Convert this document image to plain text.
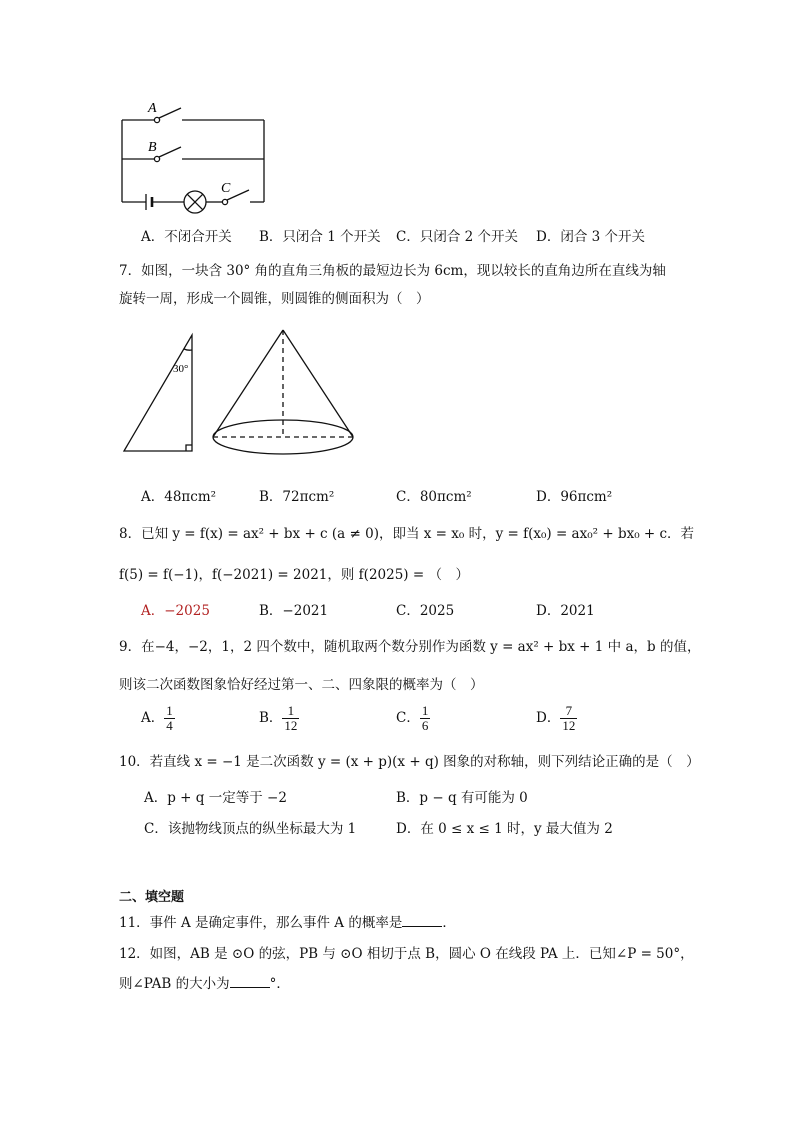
A
B
C
A．不闭合开关 B．只闭合 1 个开关 C．只闭合 2 个开关 D．闭合 3 个开关
7．如图，一块含 30° 角的直角三角板的最短边长为 6cm，现以较长的直角边所在直线为轴
旋转一周，形成一个圆锥，则圆锥的侧面积为（　）
30°
A．48πcm²	B．72πcm²	C．80πcm²	D．96πcm²
8．已知 y = f(x) = ax² + bx + c (a ≠ 0)，即当 x = x₀ 时，y = f(x₀) = ax₀² + bx₀ + c．若
f(5) = f(−1)，f(−2021) = 2021，则 f(2025) = （　）
A．−2025	B．−2021	C．2025	D．2021
9．在−4，−2，1，2 四个数中，随机取两个数分别作为函数 y = ax² + bx + 1 中 a，b 的值，
则该二次函数图象恰好经过第一、二、四象限的概率为（　）
A． $\frac{1}{4}$	B． $\frac{1}{12}$	C． $\frac{1}{6}$	D． $\frac{7}{12}$
10．若直线 x = −1 是二次函数 y = (x + p)(x + q) 图象的对称轴，则下列结论正确的是（　）
A．p + q 一定等于 −2	B．p − q 有可能为 0
C．该抛物线顶点的纵坐标最大为 1	D．在 0 ≤ x ≤ 1 时，y 最大值为 2
二、填空题
11．事件 A 是确定事件，那么事件 A 的概率是	．
12．如图，AB 是 ⊙O 的弦，PB 与 ⊙O 相切于点 B，圆心 O 在线段 PA 上．已知∠P = 50°，
则∠PAB 的大小为	°．
